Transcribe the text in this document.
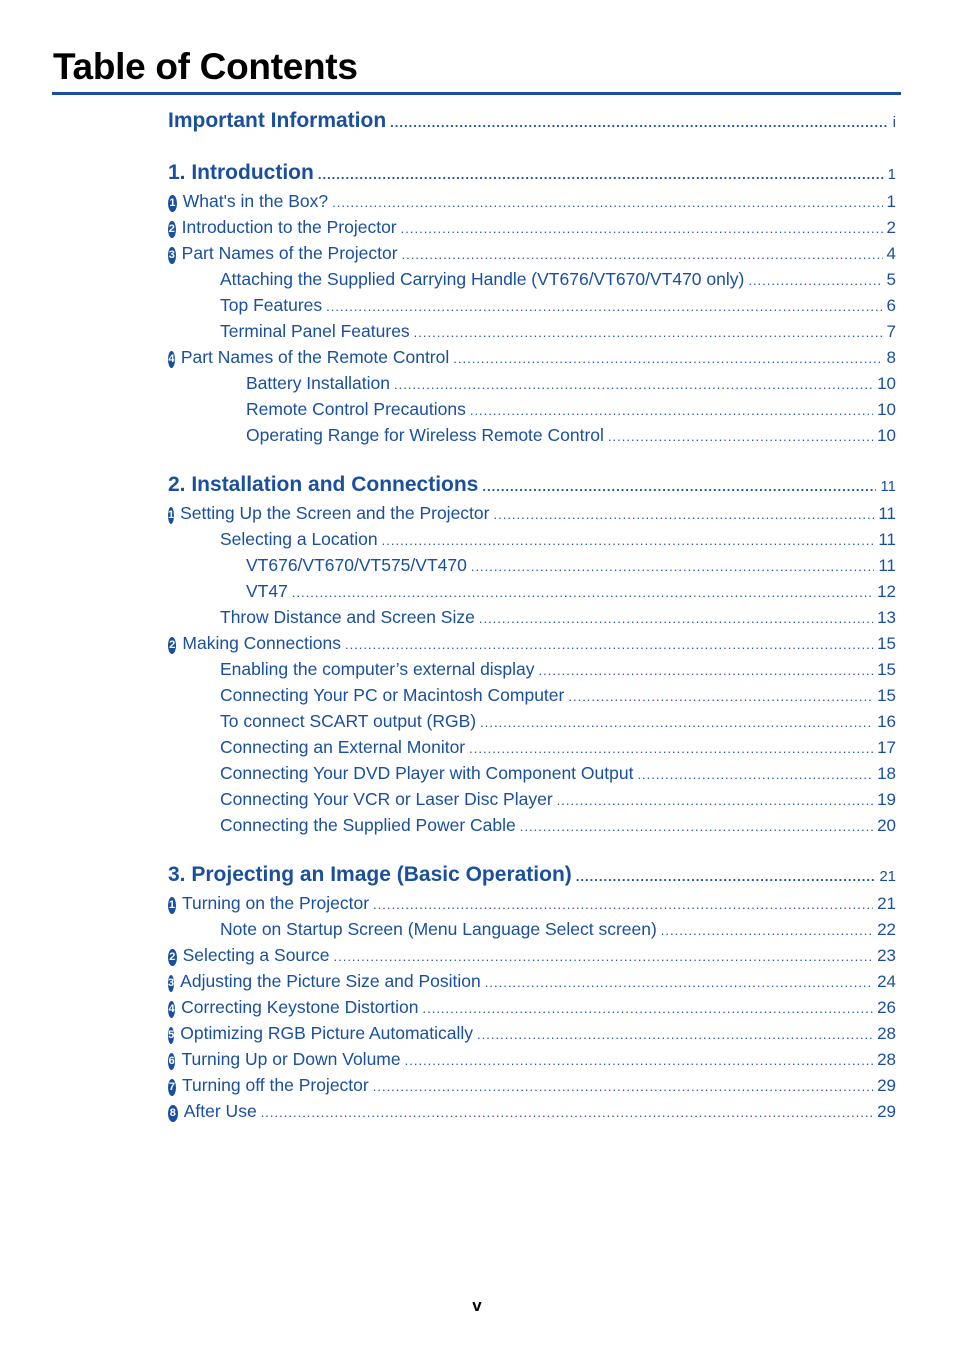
Table of Contents
Important Information .....	i
1. Introduction .....	1
1 What's in the Box? .....	1
2 Introduction to the Projector .....	2
3 Part Names of the Projector .....	4
Attaching the Supplied Carrying Handle (VT676/VT670/VT470 only) .....	5
Top Features .....	6
Terminal Panel Features .....	7
4 Part Names of the Remote Control .....	8
Battery Installation .....	10
Remote Control Precautions .....	10
Operating Range for Wireless Remote Control .....	10
2. Installation and Connections .....	11
1 Setting Up the Screen and the Projector .....	11
Selecting a Location .....	11
VT676/VT670/VT575/VT470 .....	11
VT47 .....	12
Throw Distance and Screen Size .....	13
2 Making Connections .....	15
Enabling the computer’s external display .....	15
Connecting Your PC or Macintosh Computer .....	15
To connect SCART output (RGB) .....	16
Connecting an External Monitor .....	17
Connecting Your DVD Player with Component Output .....	18
Connecting Your VCR or Laser Disc Player .....	19
Connecting the Supplied Power Cable .....	20
3. Projecting an Image (Basic Operation) .....	21
1 Turning on the Projector .....	21
Note on Startup Screen (Menu Language Select screen) .....	22
2 Selecting a Source .....	23
3 Adjusting the Picture Size and Position .....	24
4 Correcting Keystone Distortion .....	26
5 Optimizing RGB Picture Automatically .....	28
6 Turning Up or Down Volume .....	28
7 Turning off the Projector .....	29
8 After Use .....	29
v
